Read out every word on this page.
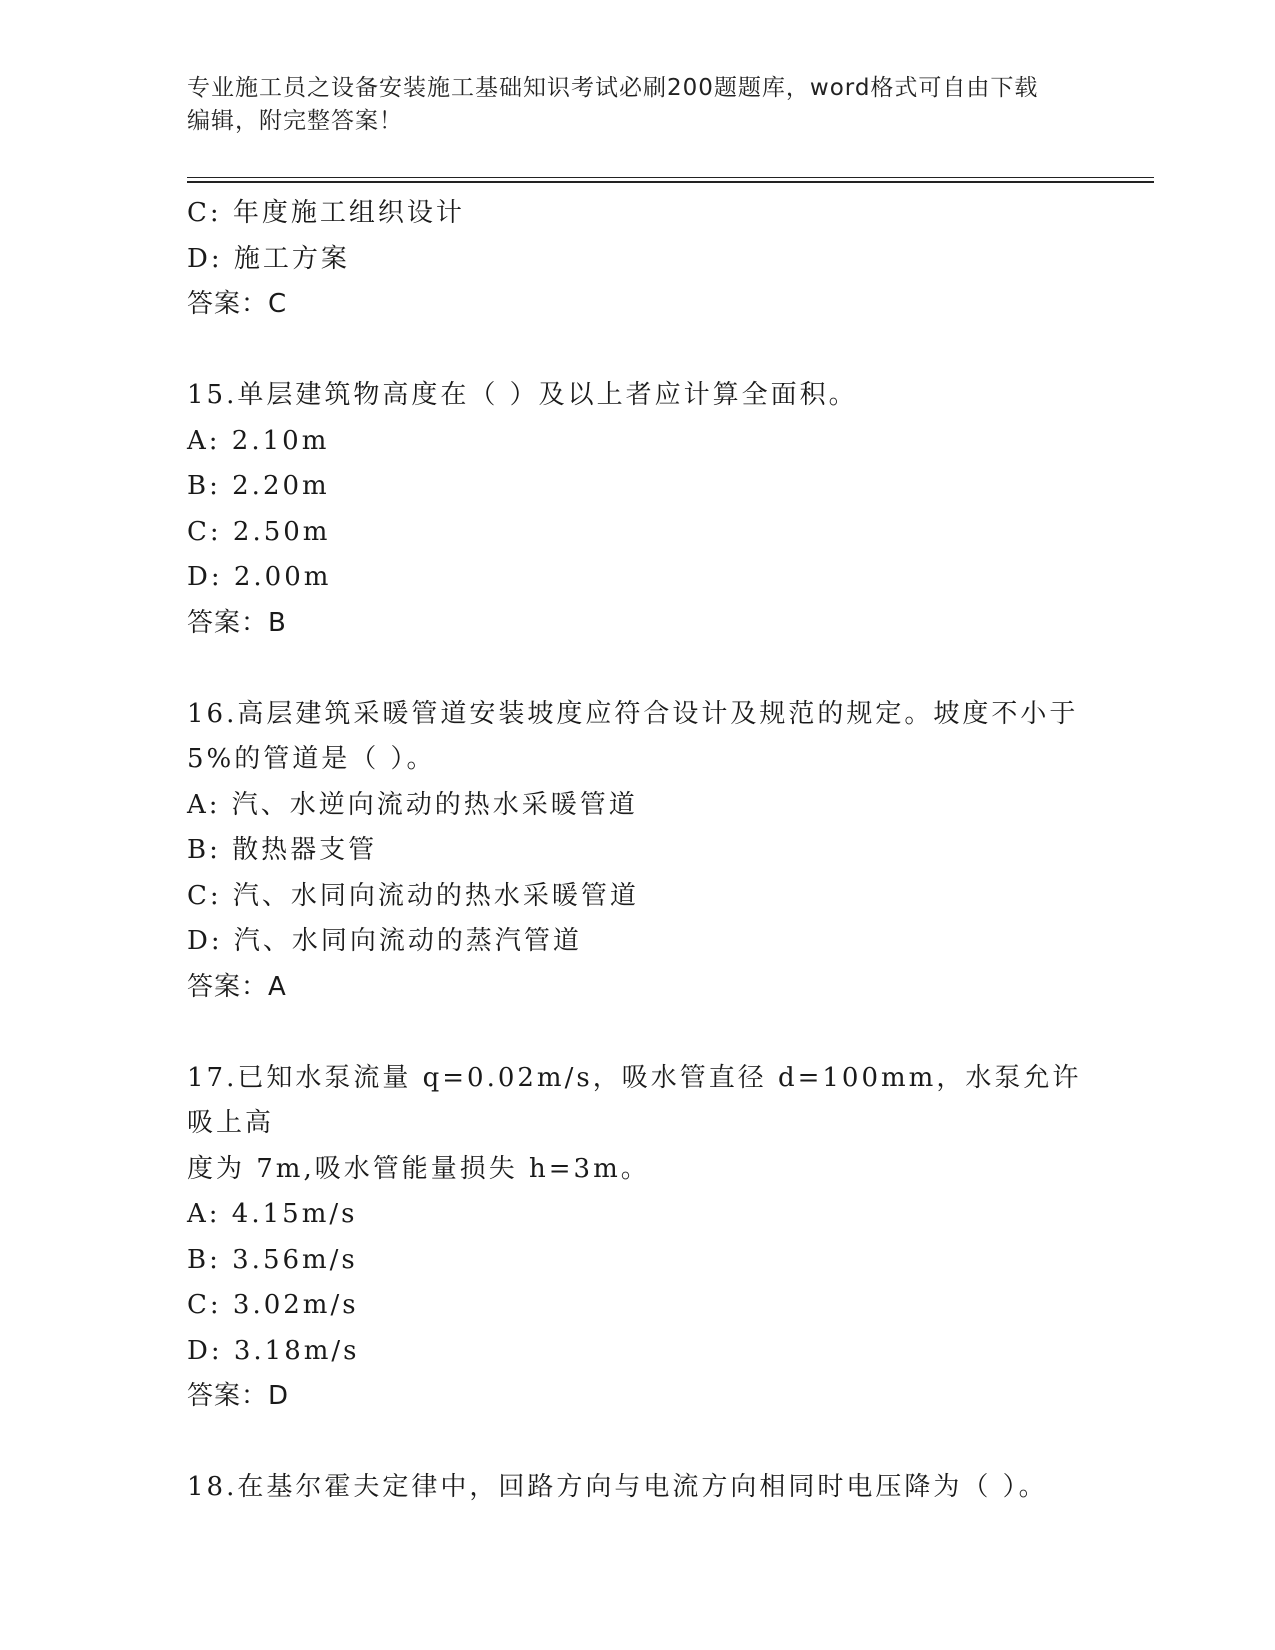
专业施工员之设备安装施工基础知识考试必刷200题题库，word格式可自由下载
编辑，附完整答案！
C: 年度施工组织设计
D: 施工方案
答案：C
15.单层建筑物高度在（ ）及以上者应计算全面积。
A: 2.10m
B: 2.20m
C: 2.50m
D: 2.00m
答案：B
16.高层建筑采暖管道安装坡度应符合设计及规范的规定。坡度不小于
5%的管道是（ ）。
A: 汽、水逆向流动的热水采暖管道
B: 散热器支管
C: 汽、水同向流动的热水采暖管道
D: 汽、水同向流动的蒸汽管道
答案：A
17.已知水泵流量 q=0.02m/s，吸水管直径 d=100mm，水泵允许吸上高
度为 7m,吸水管能量损失 h=3m。
A: 4.15m/s
B: 3.56m/s
C: 3.02m/s
D: 3.18m/s
答案：D
18.在基尔霍夫定律中，回路方向与电流方向相同时电压降为（ ）。
